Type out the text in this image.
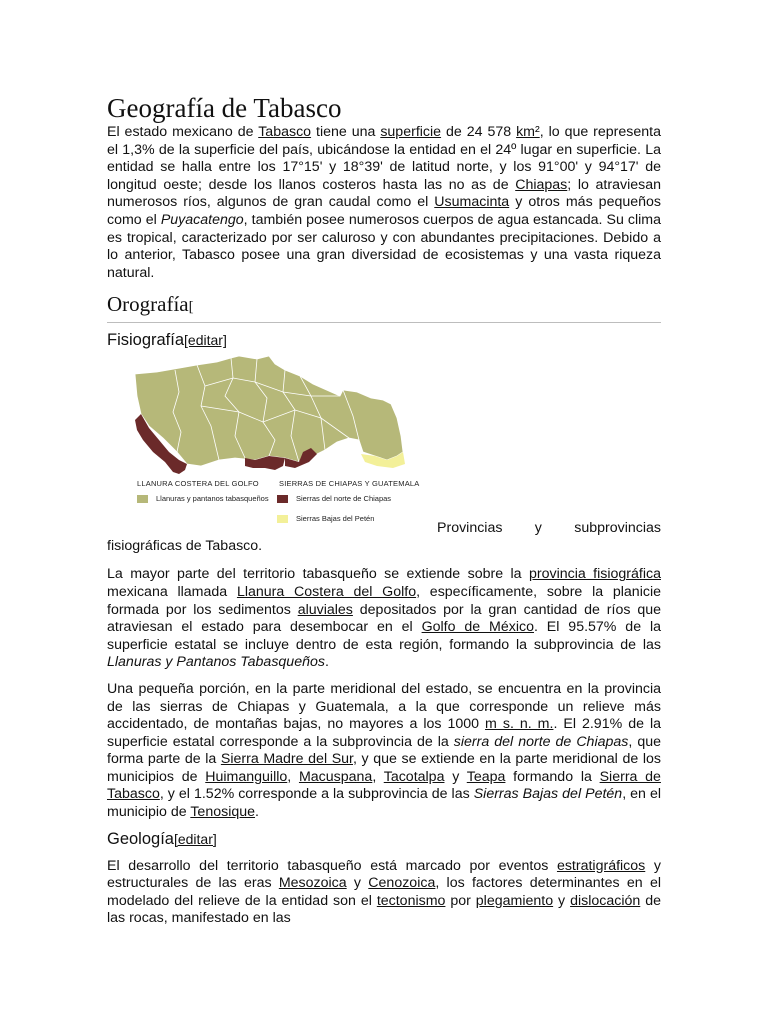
Geografía de Tabasco

El estado mexicano de Tabasco tiene una superficie de 24 578 km², lo que representa el 1,3% de la superficie del país, ubicándose la entidad en el 24º lugar en superficie. La entidad se halla entre los 17°15' y 18°39' de latitud norte, y los 91°00' y 94°17' de longitud oeste; desde los llanos costeros hasta las no as de Chiapas; lo atraviesan numerosos ríos, algunos de gran caudal como el Usumacinta y otros más pequeños como el Puyacatengo, también posee numerosos cuerpos de agua estancada. Su clima es tropical, caracterizado por ser caluroso y con abundantes precipitaciones. Debido a lo anterior, Tabasco posee una gran diversidad de ecosistemas y una vasta riqueza natural.

Orografía[
Fisiografía[editar]
LLANURA COSTERA DEL GOLFO
Llanuras y pantanos tabasqueños
SIERRAS DE CHIAPAS Y GUATEMALA
Sierras del norte de Chiapas
Sierras Bajas del Petén
Provincias y subprovincias
fisiográficas de Tabasco.

La mayor parte del territorio tabasqueño se extiende sobre la provincia fisiográfica mexicana llamada Llanura Costera del Golfo, específicamente, sobre la planicie formada por los sedimentos aluviales depositados por la gran cantidad de ríos que atraviesan el estado para desembocar en el Golfo de México. El 95.57% de la superficie estatal se incluye dentro de esta región, formando la subprovincia de las Llanuras y Pantanos Tabasqueños.

Una pequeña porción, en la parte meridional del estado, se encuentra en la provincia de las sierras de Chiapas y Guatemala, a la que corresponde un relieve más accidentado, de montañas bajas, no mayores a los 1000 m s. n. m.. El 2.91% de la superficie estatal corresponde a la subprovincia de la sierra del norte de Chiapas, que forma parte de la Sierra Madre del Sur, y que se extiende en la parte meridional de los municipios de Huimanguillo, Macuspana, Tacotalpa y Teapa formando la Sierra de Tabasco, y el 1.52% corresponde a la subprovincia de las Sierras Bajas del Petén, en el municipio de Tenosique.

Geología[editar]

El desarrollo del territorio tabasqueño está marcado por eventos estratigráficos y estructurales de las eras Mesozoica y Cenozoica, los factores determinantes en el modelado del relieve de la entidad son el tectonismo por plegamiento y dislocación de las rocas, manifestado en las
